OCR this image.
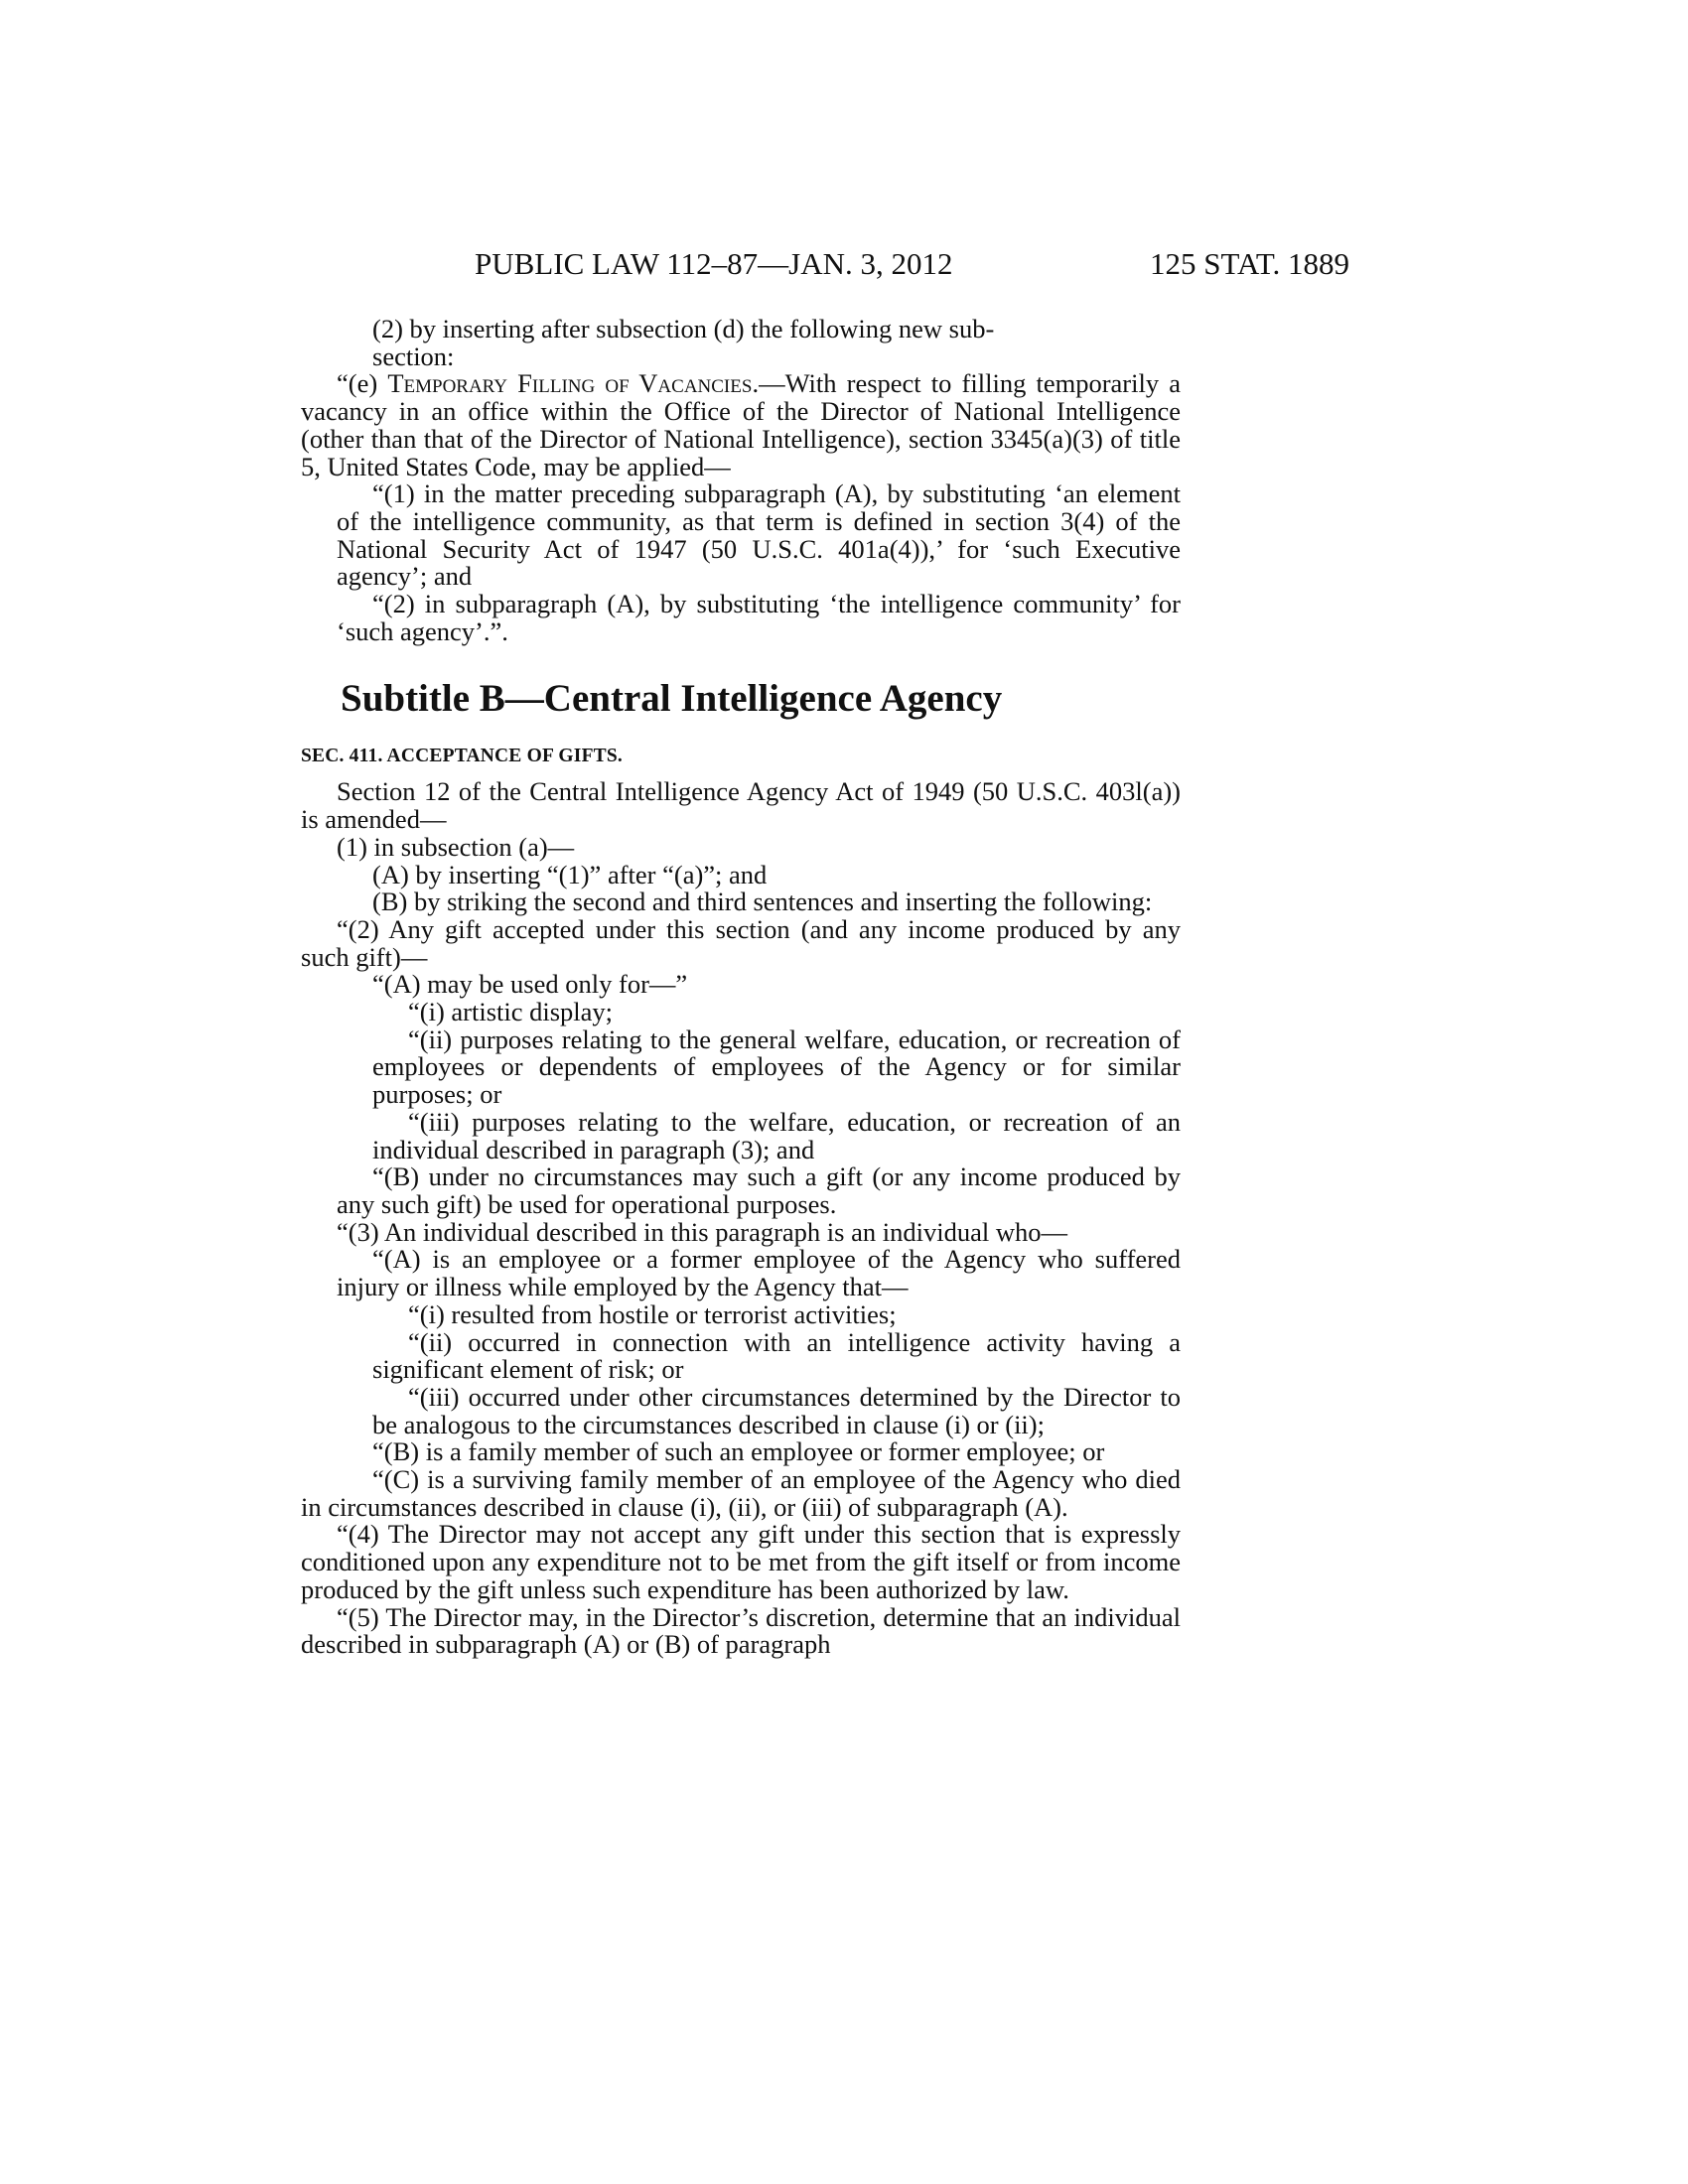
PUBLIC LAW 112–87—JAN. 3, 2012	125 STAT. 1889

(2) by inserting after subsection (d) the following new sub-

section:

“(e) Temporary Filling of Vacancies.—With respect to filling temporarily a vacancy in an office within the Office of the Director of National Intelligence (other than that of the Director of National Intelligence), section 3345(a)(3) of title 5, United States Code, may be applied—

“(1) in the matter preceding subparagraph (A), by substituting ‘an element of the intelligence community, as that term is defined in section 3(4) of the National Security Act of 1947 (50 U.S.C. 401a(4)),’ for ‘such Executive agency’; and

“(2) in subparagraph (A), by substituting ‘the intelligence community’ for ‘such agency’.”.

Subtitle B—Central Intelligence Agency
SEC. 411. ACCEPTANCE OF GIFTS.

Section 12 of the Central Intelligence Agency Act of 1949 (50 U.S.C. 403l(a)) is amended—

(1) in subsection (a)—

(A) by inserting “(1)” after “(a)”; and

(B) by striking the second and third sentences and inserting the following:

“(2) Any gift accepted under this section (and any income produced by any such gift)—

“(A) may be used only for—”

“(i) artistic display;

“(ii) purposes relating to the general welfare, education, or recreation of employees or dependents of employees of the Agency or for similar purposes; or

“(iii) purposes relating to the welfare, education, or recreation of an individual described in paragraph (3); and

“(B) under no circumstances may such a gift (or any income produced by any such gift) be used for operational purposes.

“(3) An individual described in this paragraph is an individual who—

“(A) is an employee or a former employee of the Agency who suffered injury or illness while employed by the Agency that—

“(i) resulted from hostile or terrorist activities;

“(ii) occurred in connection with an intelligence activity having a significant element of risk; or

“(iii) occurred under other circumstances determined by the Director to be analogous to the circumstances described in clause (i) or (ii);

“(B) is a family member of such an employee or former employee; or

“(C) is a surviving family member of an employee of the Agency who died in circumstances described in clause (i), (ii), or (iii) of subparagraph (A).

“(4) The Director may not accept any gift under this section that is expressly conditioned upon any expenditure not to be met from the gift itself or from income produced by the gift unless such expenditure has been authorized by law.

“(5) The Director may, in the Director’s discretion, determine that an individual described in subparagraph (A) or (B) of paragraph
